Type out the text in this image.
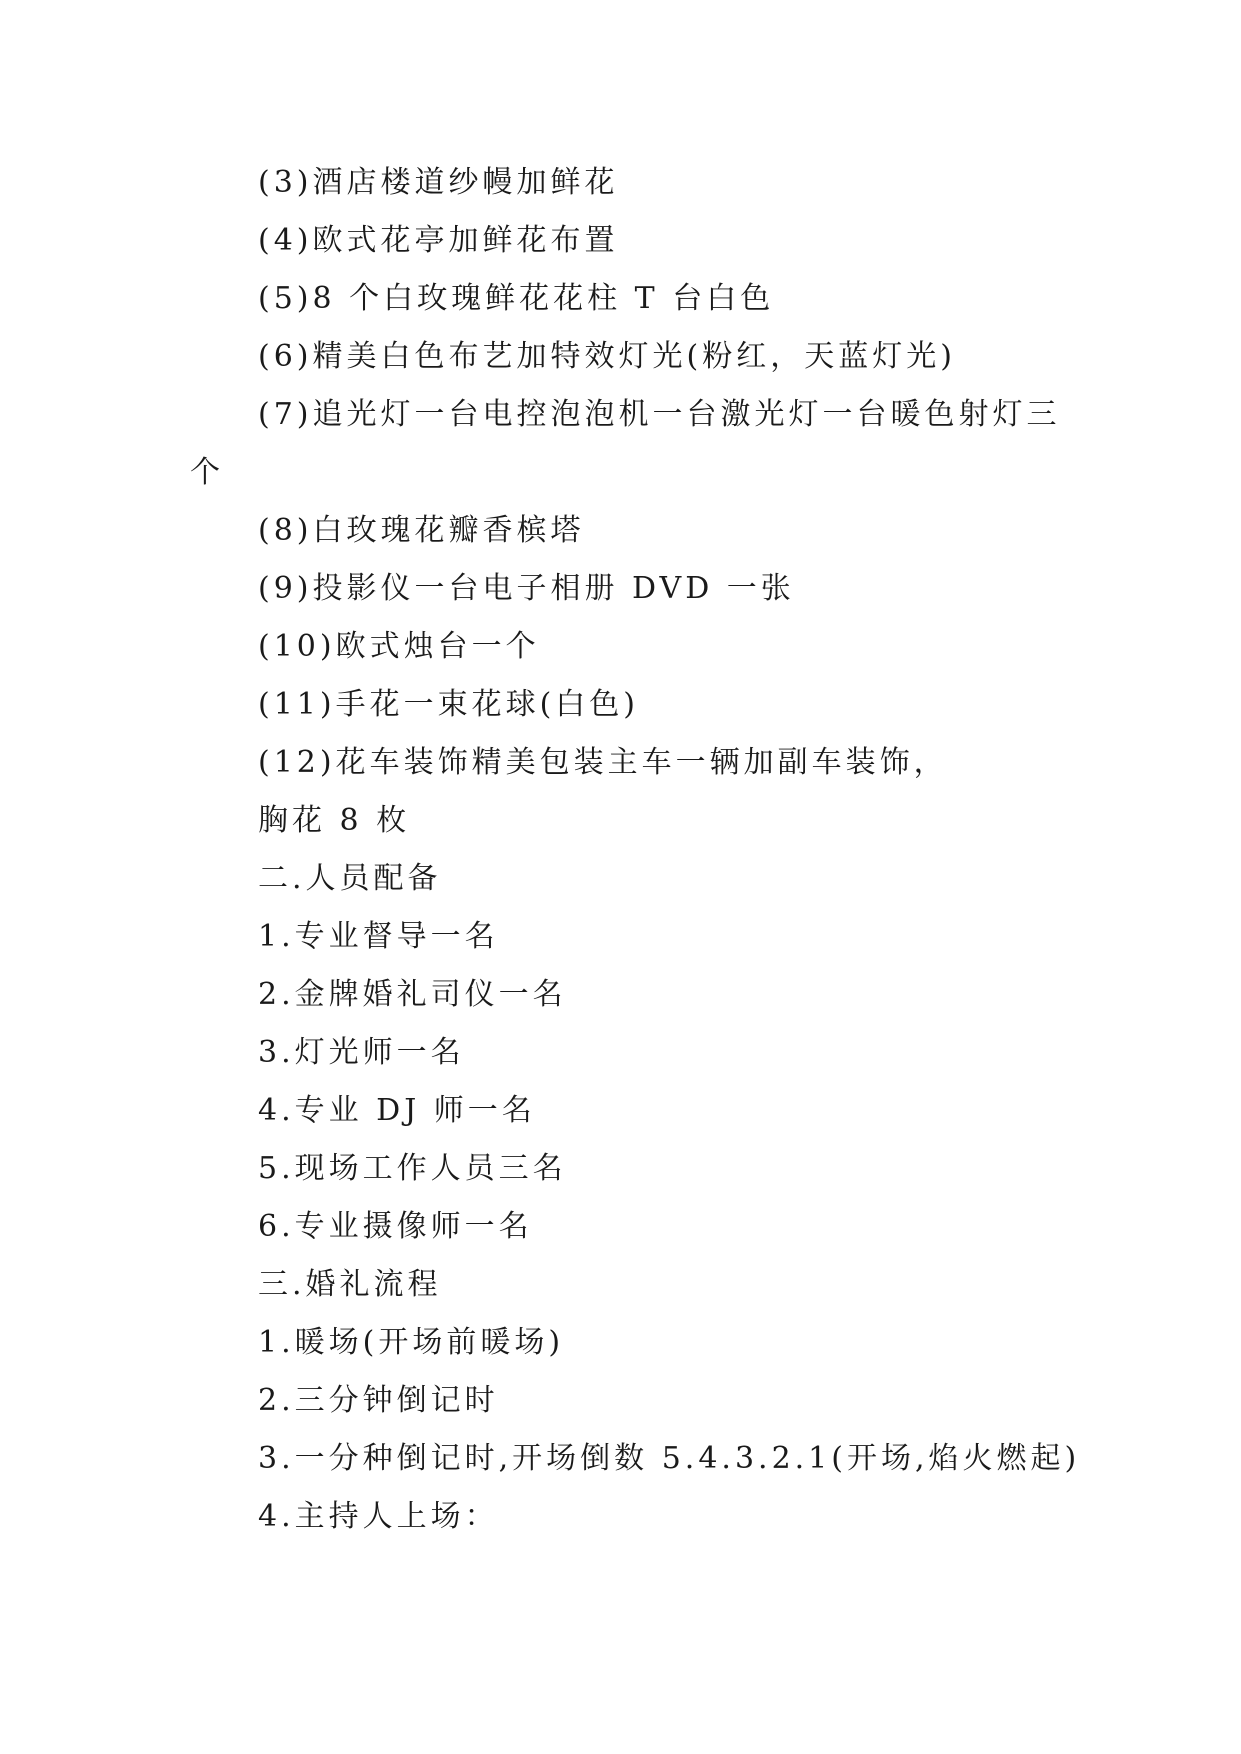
(3)酒店楼道纱幔加鲜花
(4)欧式花亭加鲜花布置
(5)8 个白玫瑰鲜花花柱 T 台白色
(6)精美白色布艺加特效灯光(粉红，天蓝灯光)
(7)追光灯一台电控泡泡机一台激光灯一台暖色射灯三
个
(8)白玫瑰花瓣香槟塔
(9)投影仪一台电子相册 DVD 一张
(10)欧式烛台一个
(11)手花一束花球(白色)
(12)花车装饰精美包装主车一辆加副车装饰，
胸花 8 枚
二.人员配备
1.专业督导一名
2.金牌婚礼司仪一名
3.灯光师一名
4.专业 DJ 师一名
5.现场工作人员三名
6.专业摄像师一名
三.婚礼流程
1.暖场(开场前暖场)
2.三分钟倒记时
3.一分种倒记时,开场倒数 5.4.3.2.1(开场,焰火燃起)
4.主持人上场：
